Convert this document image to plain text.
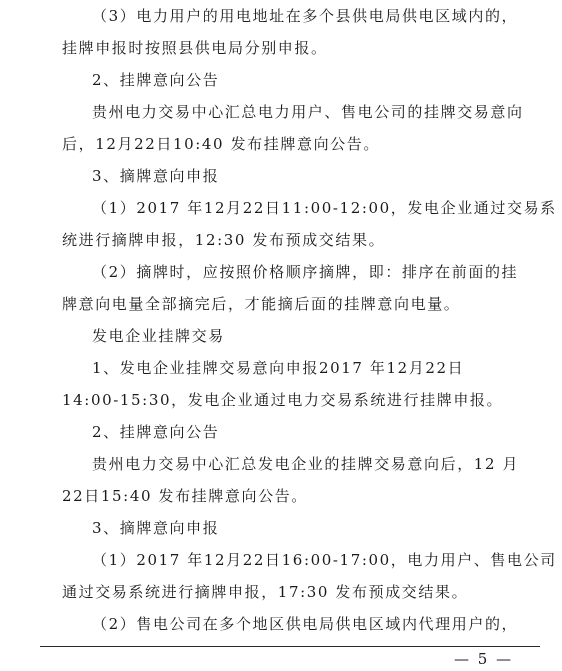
（3）电力用户的用电地址在多个县供电局供电区域内的，
挂牌申报时按照县供电局分别申报。
2、挂牌意向公告
贵州电力交易中心汇总电力用户、售电公司的挂牌交易意向
后，12月22日10:40 发布挂牌意向公告。
3、摘牌意向申报
（1）2017 年12月22日11:00-12:00，发电企业通过交易系
统进行摘牌申报，12:30 发布预成交结果。
（2）摘牌时，应按照价格顺序摘牌，即：排序在前面的挂
牌意向电量全部摘完后，才能摘后面的挂牌意向电量。
发电企业挂牌交易
1、发电企业挂牌交易意向申报2017 年12月22日
14:00-15:30，发电企业通过电力交易系统进行挂牌申报。
2、挂牌意向公告
贵州电力交易中心汇总发电企业的挂牌交易意向后，12 月
22日15:40 发布挂牌意向公告。
3、摘牌意向申报
（1）2017 年12月22日16:00-17:00，电力用户、售电公司
通过交易系统进行摘牌申报，17:30 发布预成交结果。
（2）售电公司在多个地区供电局供电区域内代理用户的，
— 5 —
